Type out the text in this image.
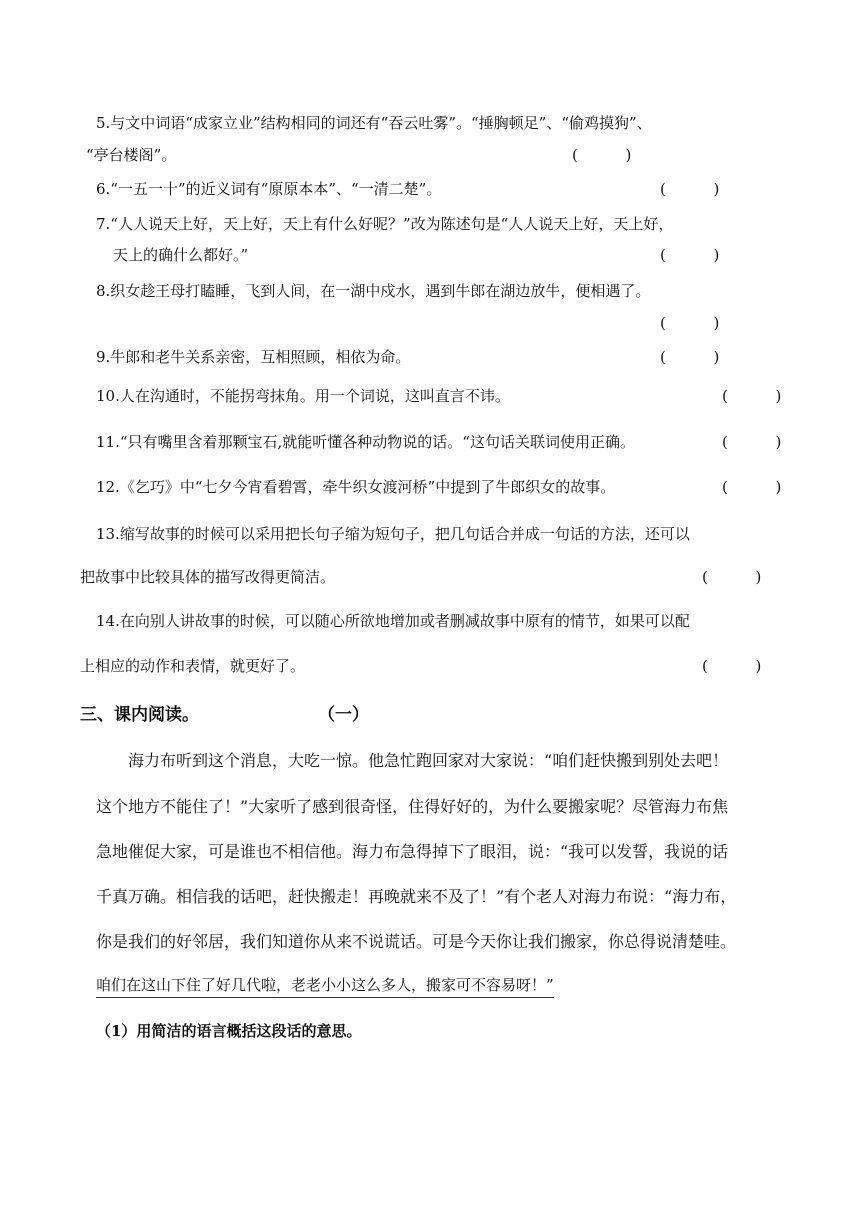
5.与文中词语“成家立业”结构相同的词还有“吞云吐雾”。“捶胸顿足”、“偷鸡摸狗”、
“亭台楼阁”。	(          )
6.“一五一十”的近义词有“原原本本”、“一清二楚”。	(          )
7.“人人说天上好，天上好，天上有什么好呢？”改为陈述句是“人人说天上好，天上好，
天上的确什么都好。”	(          )
8.织女趁王母打瞌睡，飞到人间，在一湖中戍水，遇到牛郎在湖边放牛，便相遇了。
(          )
9.牛郎和老牛关系亲密，互相照顾，相依为命。	(          )
10.人在沟通时，不能拐弯抹角。用一个词说，这叫直言不讳。	(          )
11.“只有嘴里含着那颗宝石,就能听懂各种动物说的话。“这句话关联词使用正确。	(          )
12.《乞巧》中“七夕今宵看碧霄，牵牛织女渡河桥”中提到了牛郎织女的故事。	(          )
13.缩写故事的时候可以采用把长句子缩为短句子，把几句话合并成一句话的方法，还可以
把故事中比较具体的描写改得更简洁。	(          )
14.在向别人讲故事的时候，可以随心所欲地增加或者删减故事中原有的情节，如果可以配
上相应的动作和表情，就更好了。	(          )
三、课内阅读。	（一）
海力布听到这个消息，大吃一惊。他急忙跑回家对大家说：“咱们赶快搬到别处去吧！
这个地方不能住了！”大家听了感到很奇怪，住得好好的，为什么要搬家呢？尽管海力布焦
急地催促大家，可是谁也不相信他。海力布急得掉下了眼泪，说：“我可以发誓，我说的话
千真万确。相信我的话吧，赶快搬走！再晚就来不及了！”有个老人对海力布说：“海力布，
你是我们的好邻居，我们知道你从来不说谎话。可是今天你让我们搬家，你总得说清楚哇。
咱们在这山下住了好几代啦，老老小小这么多人，搬家可不容易呀！”
（1）用简洁的语言概括这段话的意思。
